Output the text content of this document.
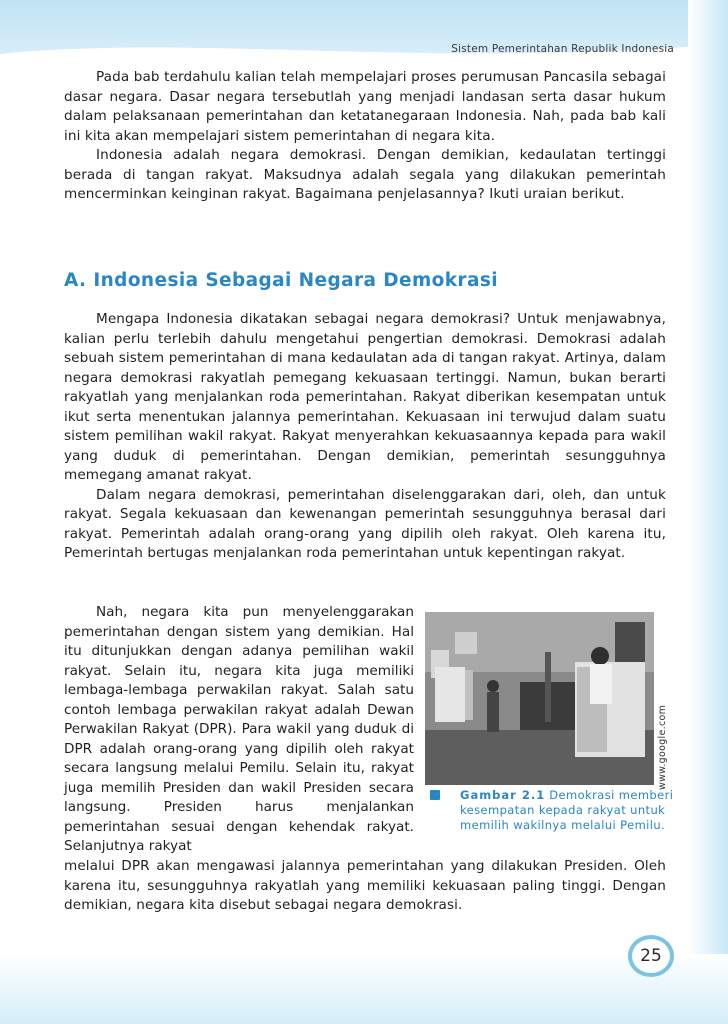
Sistem Pemerintahan Republik Indonesia

Pada bab terdahulu kalian telah mempelajari proses perumusan Pancasila sebagai dasar negara. Dasar negara tersebutlah yang menjadi landasan serta dasar hukum dalam pelaksanaan pemerintahan dan ketatanegaraan Indonesia. Nah, pada bab kali ini kita akan mempelajari sistem pemerintahan di negara kita.

Indonesia adalah negara demokrasi. Dengan demikian, kedaulatan tertinggi berada di tangan rakyat. Maksudnya adalah segala yang dilakukan pemerintah mencerminkan keinginan rakyat. Bagaimana penjelasannya? Ikuti uraian berikut.

A. Indonesia Sebagai Negara Demokrasi

Mengapa Indonesia dikatakan sebagai negara demokrasi? Untuk menjawabnya, kalian perlu terlebih dahulu mengetahui pengertian demokrasi. Demokrasi adalah sebuah sistem pemerintahan di mana kedaulatan ada di tangan rakyat. Artinya, dalam negara demokrasi rakyatlah pemegang kekuasaan tertinggi. Namun, bukan berarti rakyatlah yang menjalankan roda pemerintahan. Rakyat diberikan kesempatan untuk ikut serta menentukan jalannya pemerintahan. Kekuasaan ini terwujud dalam suatu sistem pemilihan wakil rakyat. Rakyat menyerahkan kekuasaannya kepada para wakil yang duduk di pemerintahan. Dengan demikian, pemerintah sesungguhnya memegang amanat rakyat.

Dalam negara demokrasi, pemerintahan diselenggarakan dari, oleh, dan untuk rakyat. Segala kekuasaan dan kewenangan pemerintah sesungguhnya berasal dari rakyat. Pemerintah adalah orang-orang yang dipilih oleh rakyat. Oleh karena itu, Pemerintah bertugas menjalankan roda pemerintahan untuk kepentingan rakyat.

Nah, negara kita pun menyelenggarakan pemerintahan dengan sistem yang demikian. Hal itu ditunjukkan dengan adanya pemilihan wakil rakyat. Selain itu, negara kita juga memiliki lembaga-lembaga perwakilan rakyat. Salah satu contoh lembaga perwakilan rakyat adalah Dewan Perwakilan Rakyat (DPR). Para wakil yang duduk di DPR adalah orang-orang yang dipilih oleh rakyat secara langsung melalui Pemilu. Selain itu, rakyat juga memilih Presiden dan wakil Presiden secara langsung. Presiden harus menjalankan pemerintahan sesuai dengan kehendak rakyat. Selanjutnya rakyat

melalui DPR akan mengawasi jalannya pemerintahan yang dilakukan Presiden. Oleh karena itu, sesungguhnya rakyatlah yang memiliki kekuasaan paling tinggi. Dengan demikian, negara kita disebut sebagai negara demokrasi.

www.google.com
Gambar 2.1 Demokrasi memberi kesempatan kepada rakyat untuk memilih wakilnya melalui Pemilu.
25
